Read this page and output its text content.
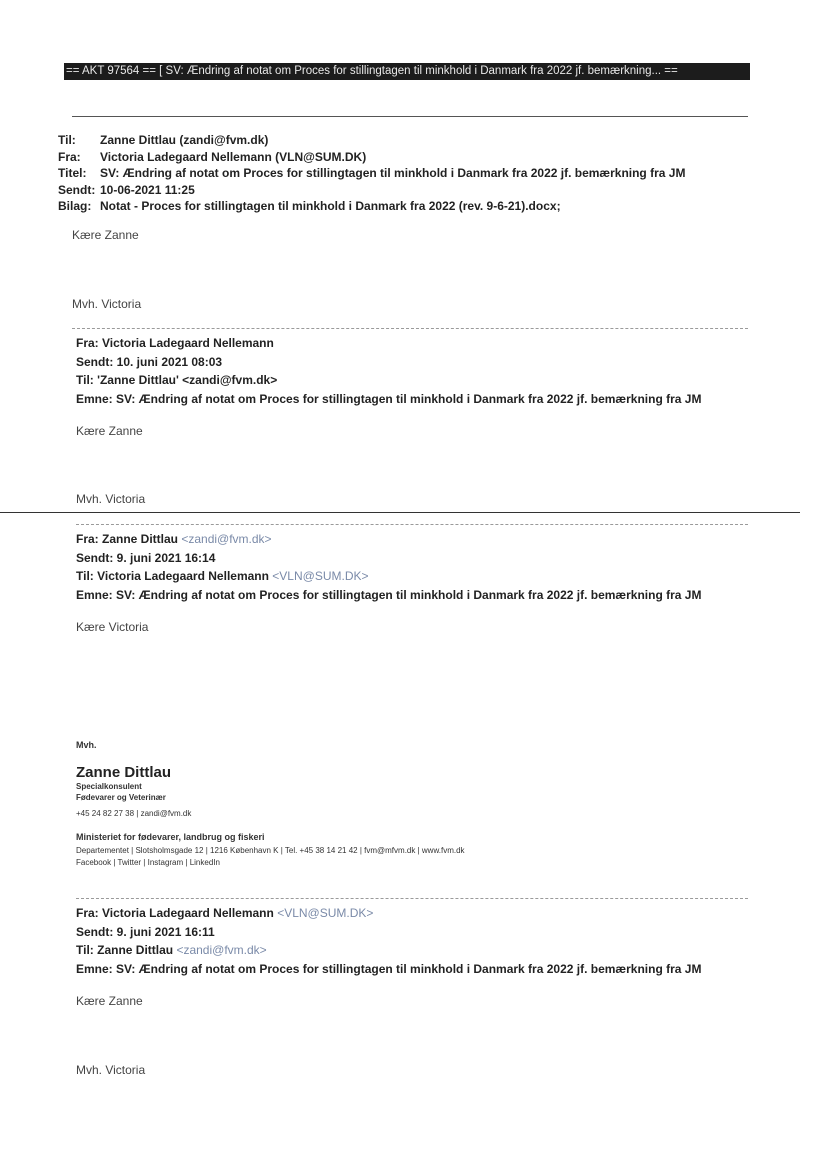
== AKT 97564 == [ SV: Ændring af notat om Proces for stillingtagen til minkhold i Danmark fra 2022 jf. bemærkning... ==
Til: Zanne Dittlau (zandi@fvm.dk)
Fra: Victoria Ladegaard Nellemann (VLN@SUM.DK)
Titel: SV: Ændring af notat om Proces for stillingtagen til minkhold i Danmark fra 2022 jf. bemærkning fra JM
Sendt: 10-06-2021 11:25
Bilag: Notat - Proces for stillingtagen til minkhold i Danmark fra 2022 (rev. 9-6-21).docx;
Kære Zanne
Mvh. Victoria
Fra: Victoria Ladegaard Nellemann
Sendt: 10. juni 2021 08:03
Til: 'Zanne Dittlau' <zandi@fvm.dk>
Emne: SV: Ændring af notat om Proces for stillingtagen til minkhold i Danmark fra 2022 jf. bemærkning fra JM
Kære Zanne
Mvh. Victoria
Fra: Zanne Dittlau <zandi@fvm.dk>
Sendt: 9. juni 2021 16:14
Til: Victoria Ladegaard Nellemann <VLN@SUM.DK>
Emne: SV: Ændring af notat om Proces for stillingtagen til minkhold i Danmark fra 2022 jf. bemærkning fra JM
Kære Victoria
Mvh.
Zanne Dittlau
Specialkonsulent
Fødevarer og Veterinær
+45 24 82 27 38 | zandi@fvm.dk
Ministeriet for fødevarer, landbrug og fiskeri
Departementet | Slotsholmsgade 12 | 1216 København K | Tel. +45 38 14 21 42 | fvm@mfvm.dk | www.fvm.dk
Facebook | Twitter | Instagram | LinkedIn
Fra: Victoria Ladegaard Nellemann <VLN@SUM.DK>
Sendt: 9. juni 2021 16:11
Til: Zanne Dittlau <zandi@fvm.dk>
Emne: SV: Ændring af notat om Proces for stillingtagen til minkhold i Danmark fra 2022 jf. bemærkning fra JM
Kære Zanne
Mvh. Victoria
